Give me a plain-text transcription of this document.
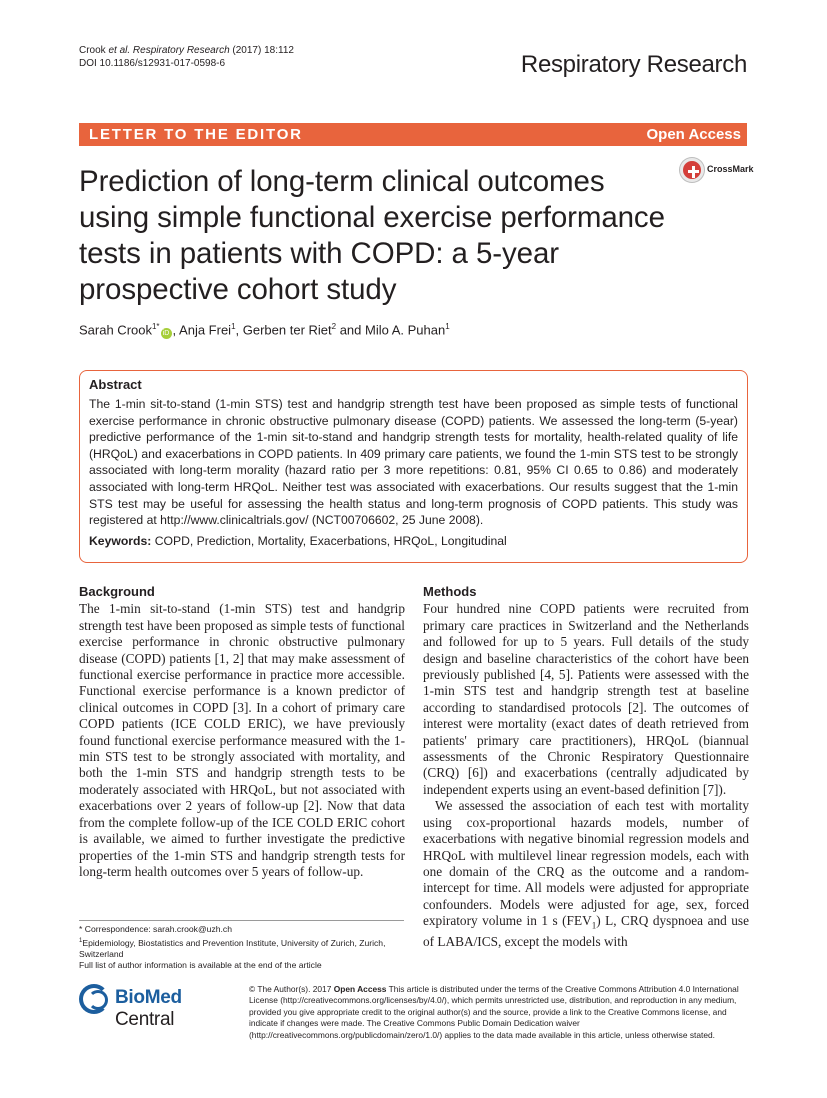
Crook et al. Respiratory Research (2017) 18:112
DOI 10.1186/s12931-017-0598-6	Respiratory Research
LETTER TO THE EDITOR	Open Access
CrossMark
Prediction of long-term clinical outcomes using simple functional exercise performance tests in patients with COPD: a 5-year prospective cohort study
Sarah Crook$^{1*}$iD , Anja Frei$^1$, Gerben ter Riet$^2$ and Milo A. Puhan$^1$
Abstract
The 1-min sit-to-stand (1-min STS) test and handgrip strength test have been proposed as simple tests of functional exercise performance in chronic obstructive pulmonary disease (COPD) patients. We assessed the long-term (5-year) predictive performance of the 1-min sit-to-stand and handgrip strength tests for mortality, health-related quality of life (HRQoL) and exacerbations in COPD patients. In 409 primary care patients, we found the 1-min STS test to be strongly associated with long-term morality (hazard ratio per 3 more repetitions: 0.81, 95% CI 0.65 to 0.86) and moderately associated with long-term HRQoL. Neither test was associated with exacerbations. Our results suggest that the 1-min STS test may be useful for assessing the health status and long-term prognosis of COPD patients. This study was registered at http://www.clinicaltrials.gov/ (NCT00706602, 25 June 2008).
Keywords: COPD, Prediction, Mortality, Exacerbations, HRQoL, Longitudinal
Background

The 1-min sit-to-stand (1-min STS) test and handgrip strength test have been proposed as simple tests of functional exercise performance in chronic obstructive pulmonary disease (COPD) patients [1, 2] that may make assessment of functional exercise performance in practice more accessible. Functional exercise performance is a known predictor of clinical outcomes in COPD [3]. In a cohort of primary care COPD patients (ICE COLD ERIC), we have previously found functional exercise performance measured with the 1-min STS test to be strongly associated with mortality, and both the 1-min STS and handgrip strength tests to be moderately associated with HRQoL, but not associated with exacerbations over 2 years of follow-up [2]. Now that data from the complete follow-up of the ICE COLD ERIC cohort is available, we aimed to further investigate the predictive properties of the 1-min STS and handgrip strength tests for long-term health outcomes over 5 years of follow-up.

Methods

Four hundred nine COPD patients were recruited from primary care practices in Switzerland and the Netherlands and followed for up to 5 years. Full details of the study design and baseline characteristics of the cohort have been previously published [4, 5]. Patients were assessed with the 1-min STS test and handgrip strength test at baseline according to standardised protocols [2]. The outcomes of interest were mortality (exact dates of death retrieved from patients' primary care practitioners), HRQoL (biannual assessments of the Chronic Respiratory Questionnaire (CRQ) [6]) and exacerbations (centrally adjudicated by independent experts using an event-based definition [7]).

We assessed the association of each test with mortality using cox-proportional hazards models, number of exacerbations with negative binomial regression models and HRQoL with multilevel linear regression models, each with one domain of the CRQ as the outcome and a random-intercept for time. All models were adjusted for appropriate confounders. Models were adjusted for age, sex, forced expiratory volume in 1 s $(FEV_1)$ L, CRQ dyspnoea and use of LABA/ICS, except the models with

* Correspondence: sarah.crook@uzh.ch
$^1$Epidemiology, Biostatistics and Prevention Institute, University of Zurich, Zurich, Switzerland
Full list of author information is available at the end of the article
BioMed Central
© The Author(s). 2017 Open Access This article is distributed under the terms of the Creative Commons Attribution 4.0 International License (http://creativecommons.org/licenses/by/4.0/), which permits unrestricted use, distribution, and reproduction in any medium, provided you give appropriate credit to the original author(s) and the source, provide a link to the Creative Commons license, and indicate if changes were made. The Creative Commons Public Domain Dedication waiver (http://creativecommons.org/publicdomain/zero/1.0/) applies to the data made available in this article, unless otherwise stated.
